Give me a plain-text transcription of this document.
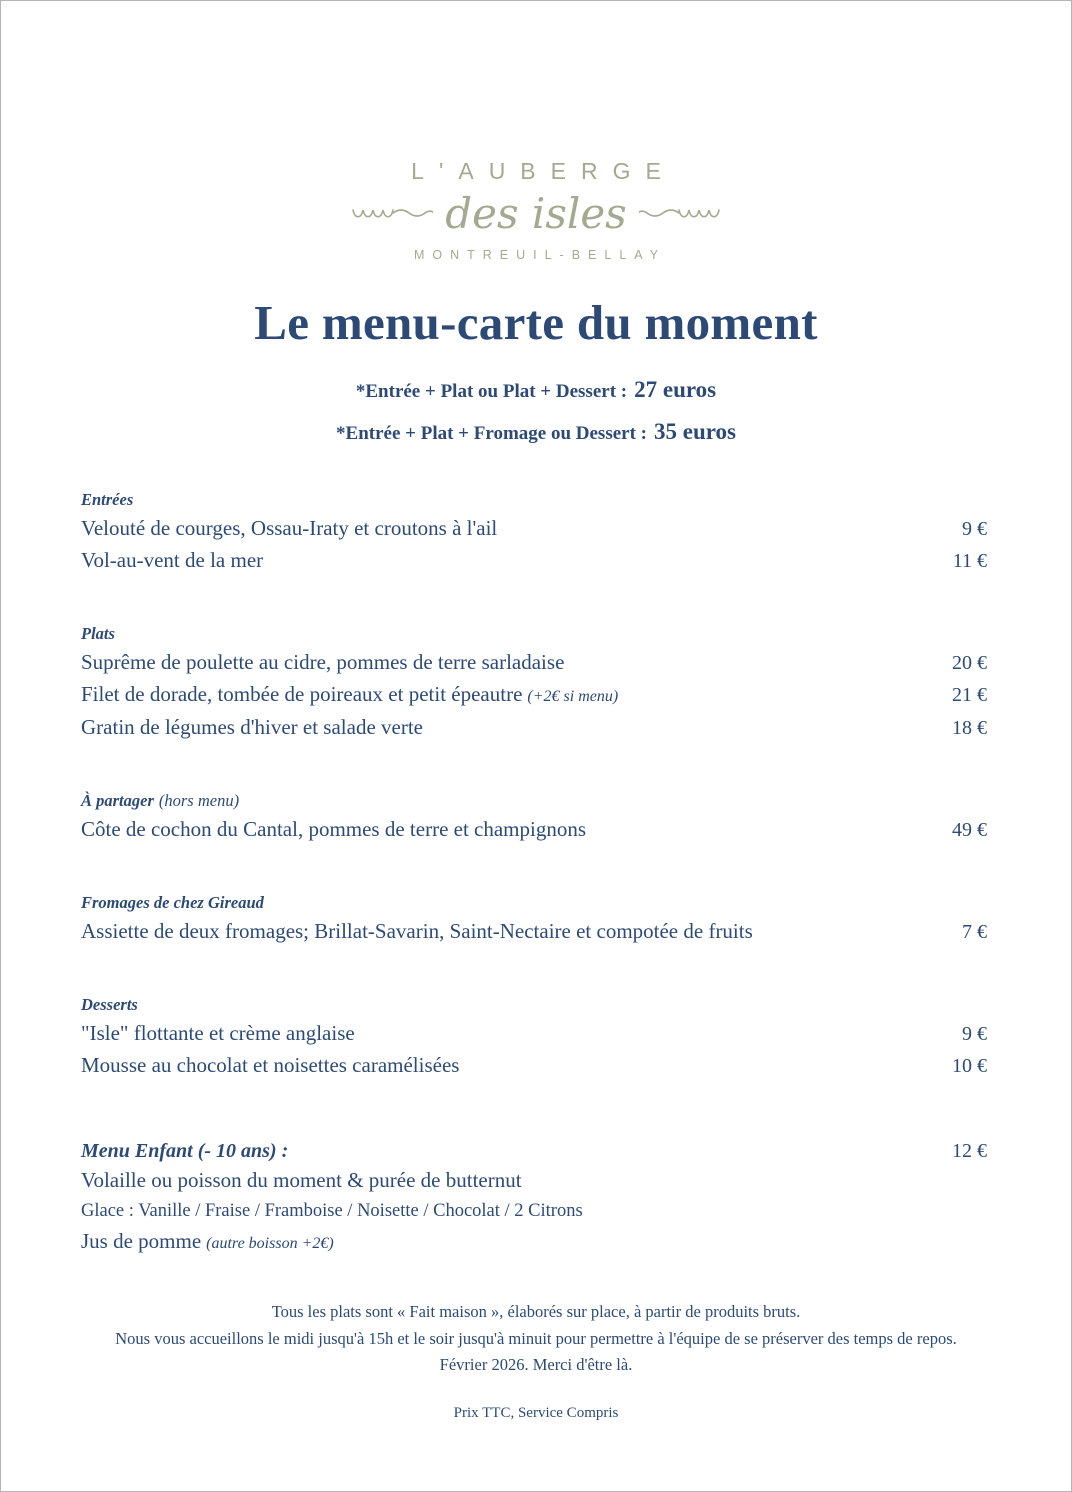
L'AUBERGE
des isles
MONTREUIL-BELLAY
Le menu-carte du moment

*Entrée + Plat ou Plat + Dessert : 27 euros

*Entrée + Plat + Fromage ou Dessert : 35 euros

Entrées
Velouté de courges, Ossau-Iraty et croutons à l'ail	9 €
Vol-au-vent de la mer	11 €
Plats
Suprême de poulette au cidre, pommes de terre sarladaise	20 €
Filet de dorade, tombée de poireaux et petit épeautre (+2€ si menu)	21 €
Gratin de légumes d'hiver et salade verte	18 €
À partager (hors menu)
Côte de cochon du Cantal, pommes de terre et champignons	49 €
Fromages de chez Gireaud
Assiette de deux fromages; Brillat-Savarin, Saint-Nectaire et compotée de fruits	7 €
Desserts
"Isle" flottante et crème anglaise	9 €
Mousse au chocolat et noisettes caramélisées	10 €
Menu Enfant (- 10 ans) :	12 €
Volaille ou poisson du moment & purée de butternut
Glace : Vanille / Fraise / Framboise / Noisette / Chocolat / 2 Citrons
Jus de pomme (autre boisson +2€)

Tous les plats sont « Fait maison », élaborés sur place, à partir de produits bruts.

Nous vous accueillons le midi jusqu'à 15h et le soir jusqu'à minuit pour permettre à l'équipe de se préserver des temps de repos.

Février 2026. Merci d'être là.

Prix TTC, Service Compris
